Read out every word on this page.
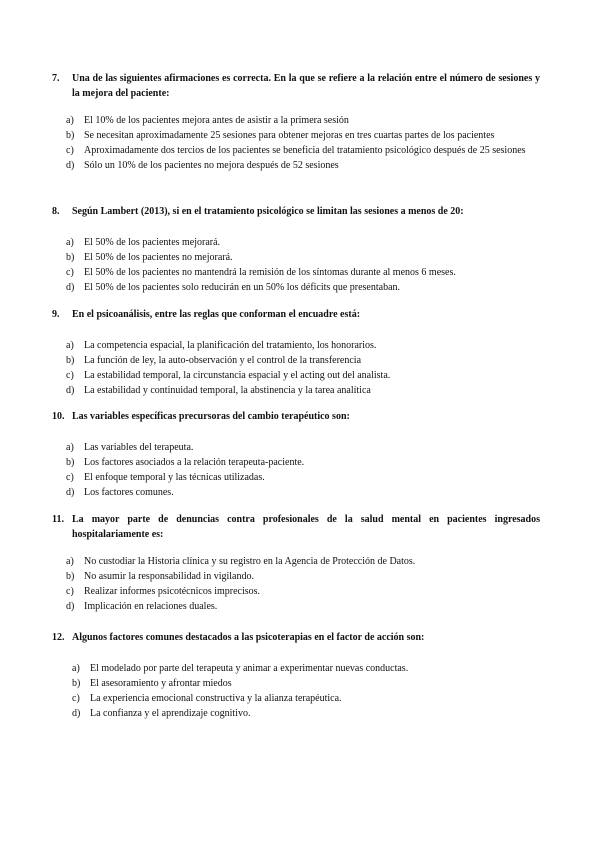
7.	Una de las siguientes afirmaciones es correcta. En la que se refiere a la relación entre el número de sesiones y la mejora del paciente:
a)	El 10% de los pacientes mejora antes de asistir a la primera sesión
b) Se necesitan aproximadamente 25 sesiones para obtener mejoras en tres cuartas partes de los pacientes
c)	Aproximadamente dos tercios de los pacientes se beneficia del tratamiento psicológico después de 25 sesiones
d) Sólo un 10% de los pacientes no mejora después de 52 sesiones
8.	Según Lambert (2013), si en el tratamiento psicológico se limitan las sesiones a menos de 20:
a)	El 50% de los pacientes mejorará.
b) El 50% de los pacientes no mejorará.
c)	El 50% de los pacientes no mantendrá la remisión de los síntomas durante al menos 6 meses.
d) El 50% de los pacientes solo reducirán en un 50% los déficits que presentaban.
9.	En el psicoanálisis, entre las reglas que conforman el encuadre está:
a)	La competencia espacial, la planificación del tratamiento, los honorarios.
b) La función de ley, la auto-observación y el control de la transferencia
c)	La estabilidad temporal, la circunstancia espacial y el acting out del analista.
d) La estabilidad y continuidad temporal, la abstinencia y la tarea analítica
10. Las variables específicas precursoras del cambio terapéutico son:
a)	Las variables del terapeuta.
b) Los factores asociados a la relación terapeuta-paciente.
c)	El enfoque temporal y las técnicas utilizadas.
d) Los factores comunes.
11. La mayor parte de denuncias contra profesionales de la salud mental en pacientes ingresados hospitalariamente es:
a)	No custodiar la Historia clínica y su registro en la Agencia de Protección de Datos.
b) No asumir la responsabilidad in vigilando.
c)	Realizar informes psicotécnicos imprecisos.
d) Implicación en relaciones duales.
12. Algunos factores comunes destacados a las psicoterapias en el factor de acción son:
a)	El modelado por parte del terapeuta y animar a experimentar nuevas conductas.
b) El asesoramiento y afrontar miedos
c)	La experiencia emocional constructiva y la alianza terapéutica.
d) La confianza y el aprendizaje cognitivo.
